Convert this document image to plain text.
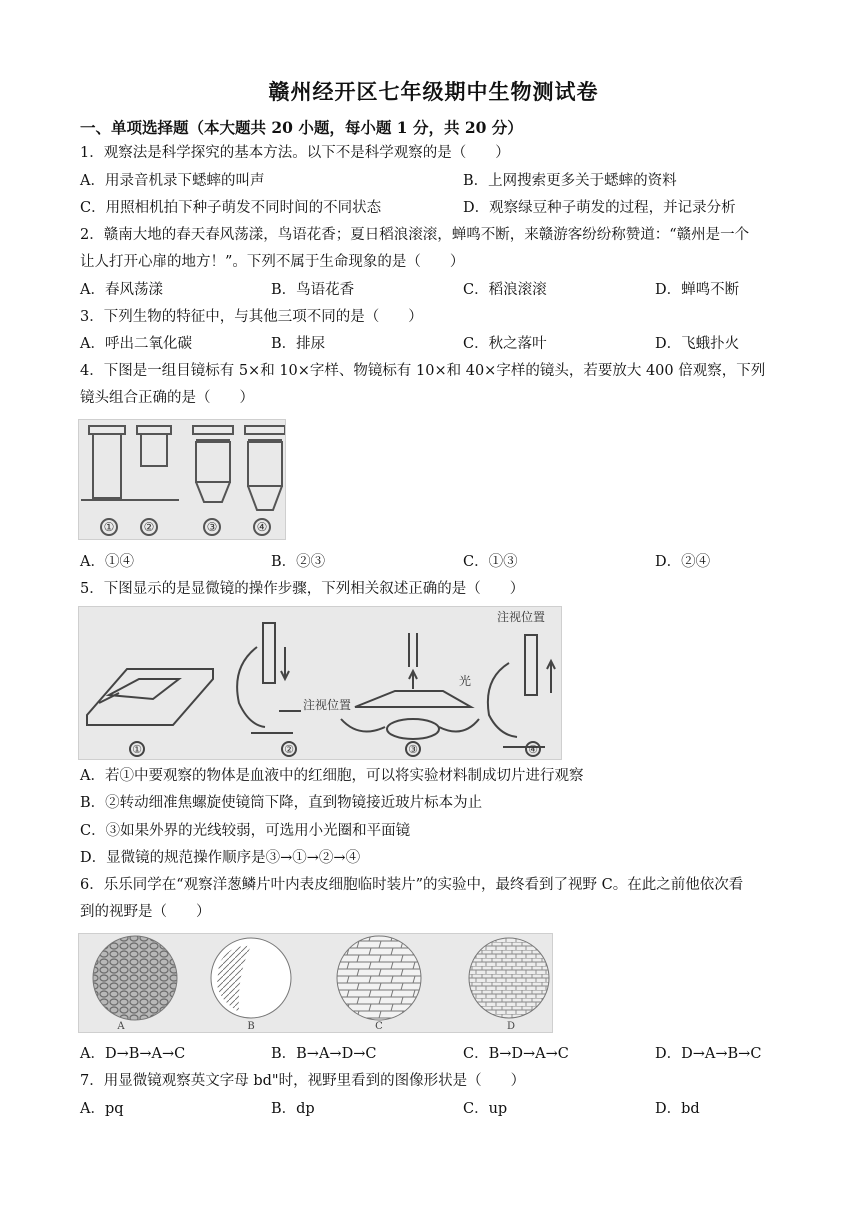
赣州经开区七年级期中生物测试卷
一、单项选择题（本大题共 20 小题，每小题 1 分，共 20 分）
1．观察法是科学探究的基本方法。以下不是科学观察的是（　　）
A．用录音机录下蟋蟀的叫声	B．上网搜索更多关于蟋蟀的资料
C．用照相机拍下种子萌发不同时间的不同状态	D．观察绿豆种子萌发的过程，并记录分析
2．赣南大地的春天春风荡漾，鸟语花香；夏日稻浪滚滚，蝉鸣不断，来赣游客纷纷称赞道：“赣州是一个
让人打开心扉的地方！”。下列不属于生命现象的是（　　）
A．春风荡漾	B．鸟语花香	C．稻浪滚滚	D．蝉鸣不断
3．下列生物的特征中，与其他三项不同的是（　　）
A．呼出二氧化碳	B．排尿	C．秋之落叶	D．飞蛾扑火
4．下图是一组目镜标有 5×和 10×字样、物镜标有 10×和 40×字样的镜头，若要放大 400 倍观察，下列
镜头组合正确的是（　　）
① ②	③	④
A．①④	B．②③	C．①③	D．②④
5．下图显示的是显微镜的操作步骤，下列相关叙述正确的是（　　）
注视位置
光
注视位置
①	②	③	④
A．若①中要观察的物体是血液中的红细胞，可以将实验材料制成切片进行观察
B．②转动细准焦螺旋使镜筒下降，直到物镜接近玻片标本为止
C．③如果外界的光线较弱，可选用小光圈和平面镜
D．显微镜的规范操作顺序是③→①→②→④
6．乐乐同学在“观察洋葱鳞片叶内表皮细胞临时装片”的实验中，最终看到了视野 C。在此之前他依次看
到的视野是（　　）
A	B	C	D
A．D→B→A→C	B．B→A→D→C	C．B→D→A→C	D．D→A→B→C
7．用显微镜观察英文字母 bd"时，视野里看到的图像形状是（　　）
A．pq	B．dp	C．up	D．bd
